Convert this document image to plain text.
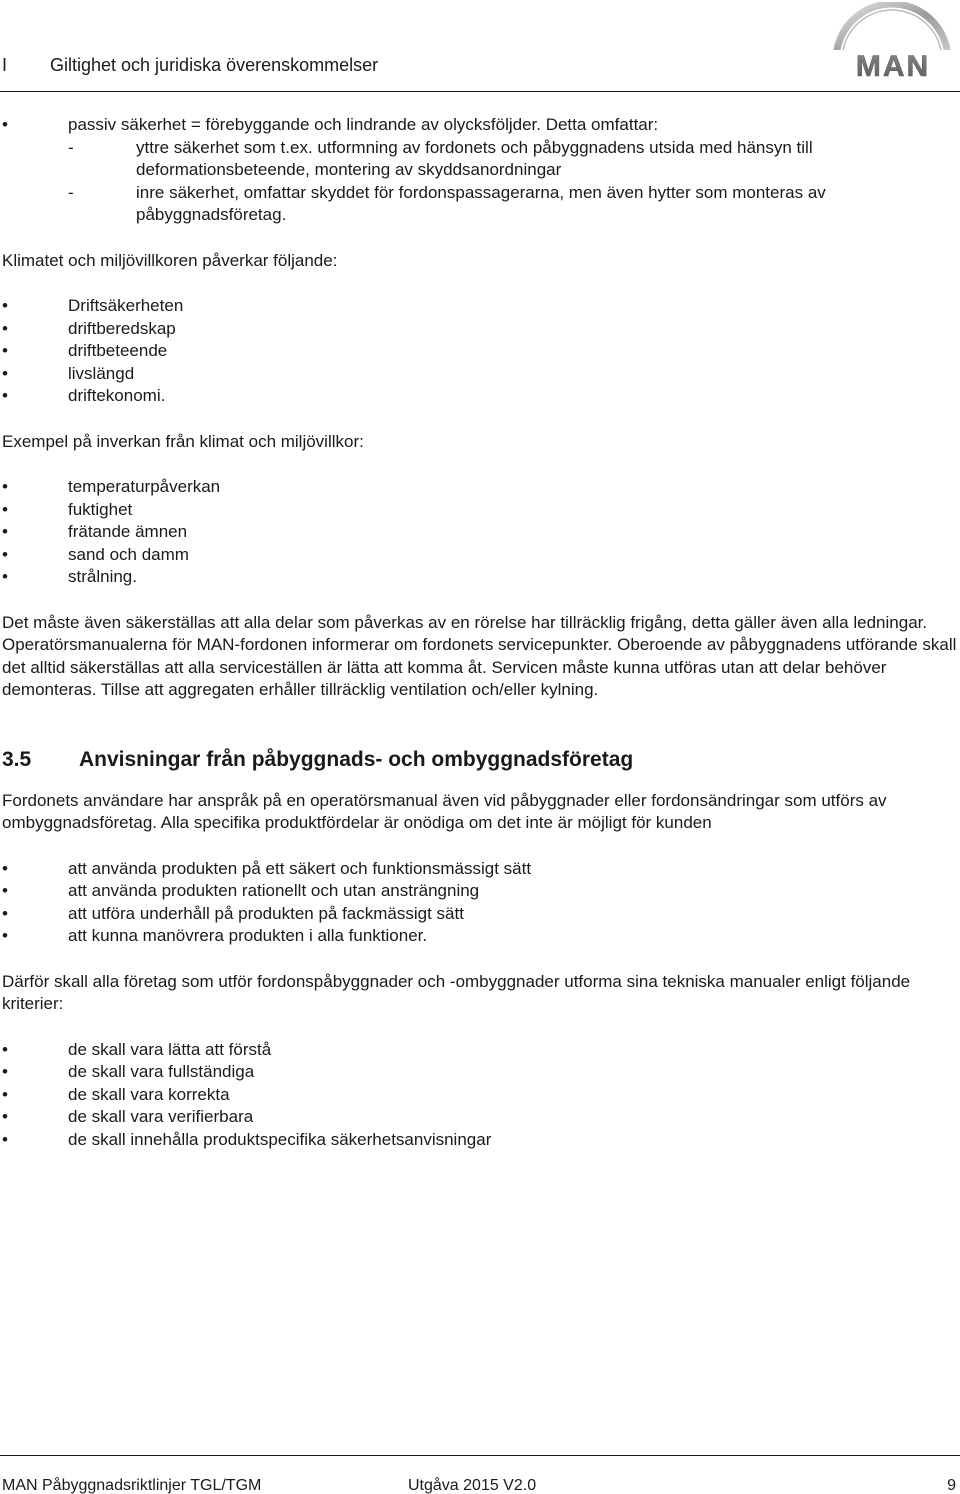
I Giltighet och juridiska överenskommelser	MAN
•	passiv säkerhet = förebyggande och lindrande av olycksföljder. Detta omfattar:
-	yttre säkerhet som t.ex. utformning av fordonets och påbyggnadens utsida med hänsyn till deformationsbeteende, montering av skyddsanordningar
-	inre säkerhet, omfattar skyddet för fordonspassagerarna, men även hytter som monteras av påbyggnadsföretag.

Klimatet och miljövillkoren påverkar följande:

•	Driftsäkerheten
•	driftberedskap
•	driftbeteende
•	livslängd
•	driftekonomi.

Exempel på inverkan från klimat och miljövillkor:

•	temperaturpåverkan
•	fuktighet
•	frätande ämnen
•	sand och damm
•	strålning.

Det måste även säkerställas att alla delar som påverkas av en rörelse har tillräcklig frigång, detta gäller även alla ledningar. Operatörsmanualerna för MAN-fordonen informerar om fordonets servicepunkter. Oberoende av påbyggnadens utförande skall det alltid säkerställas att alla serviceställen är lätta att komma åt. Servicen måste kunna utföras utan att delar behöver demonteras. Tillse att aggregaten erhåller tillräcklig ventilation och/eller kylning.

3.5 Anvisningar från påbyggnads- och ombyggnadsföretag

Fordonets användare har anspråk på en operatörsmanual även vid påbyggnader eller fordonsändringar som utförs av ombyggnadsföretag. Alla specifika produktfördelar är onödiga om det inte är möjligt för kunden

•	att använda produkten på ett säkert och funktionsmässigt sätt
•	att använda produkten rationellt och utan ansträngning
•	att utföra underhåll på produkten på fackmässigt sätt
•	att kunna manövrera produkten i alla funktioner.

Därför skall alla företag som utför fordonspåbyggnader och -ombyggnader utforma sina tekniska manualer enligt följande kriterier:

•	de skall vara lätta att förstå
•	de skall vara fullständiga
•	de skall vara korrekta
•	de skall vara verifierbara
•	de skall innehålla produktspecifika säkerhetsanvisningar
MAN Påbyggnadsriktlinjer TGL/TGM	Utgåva 2015 V2.0	9
